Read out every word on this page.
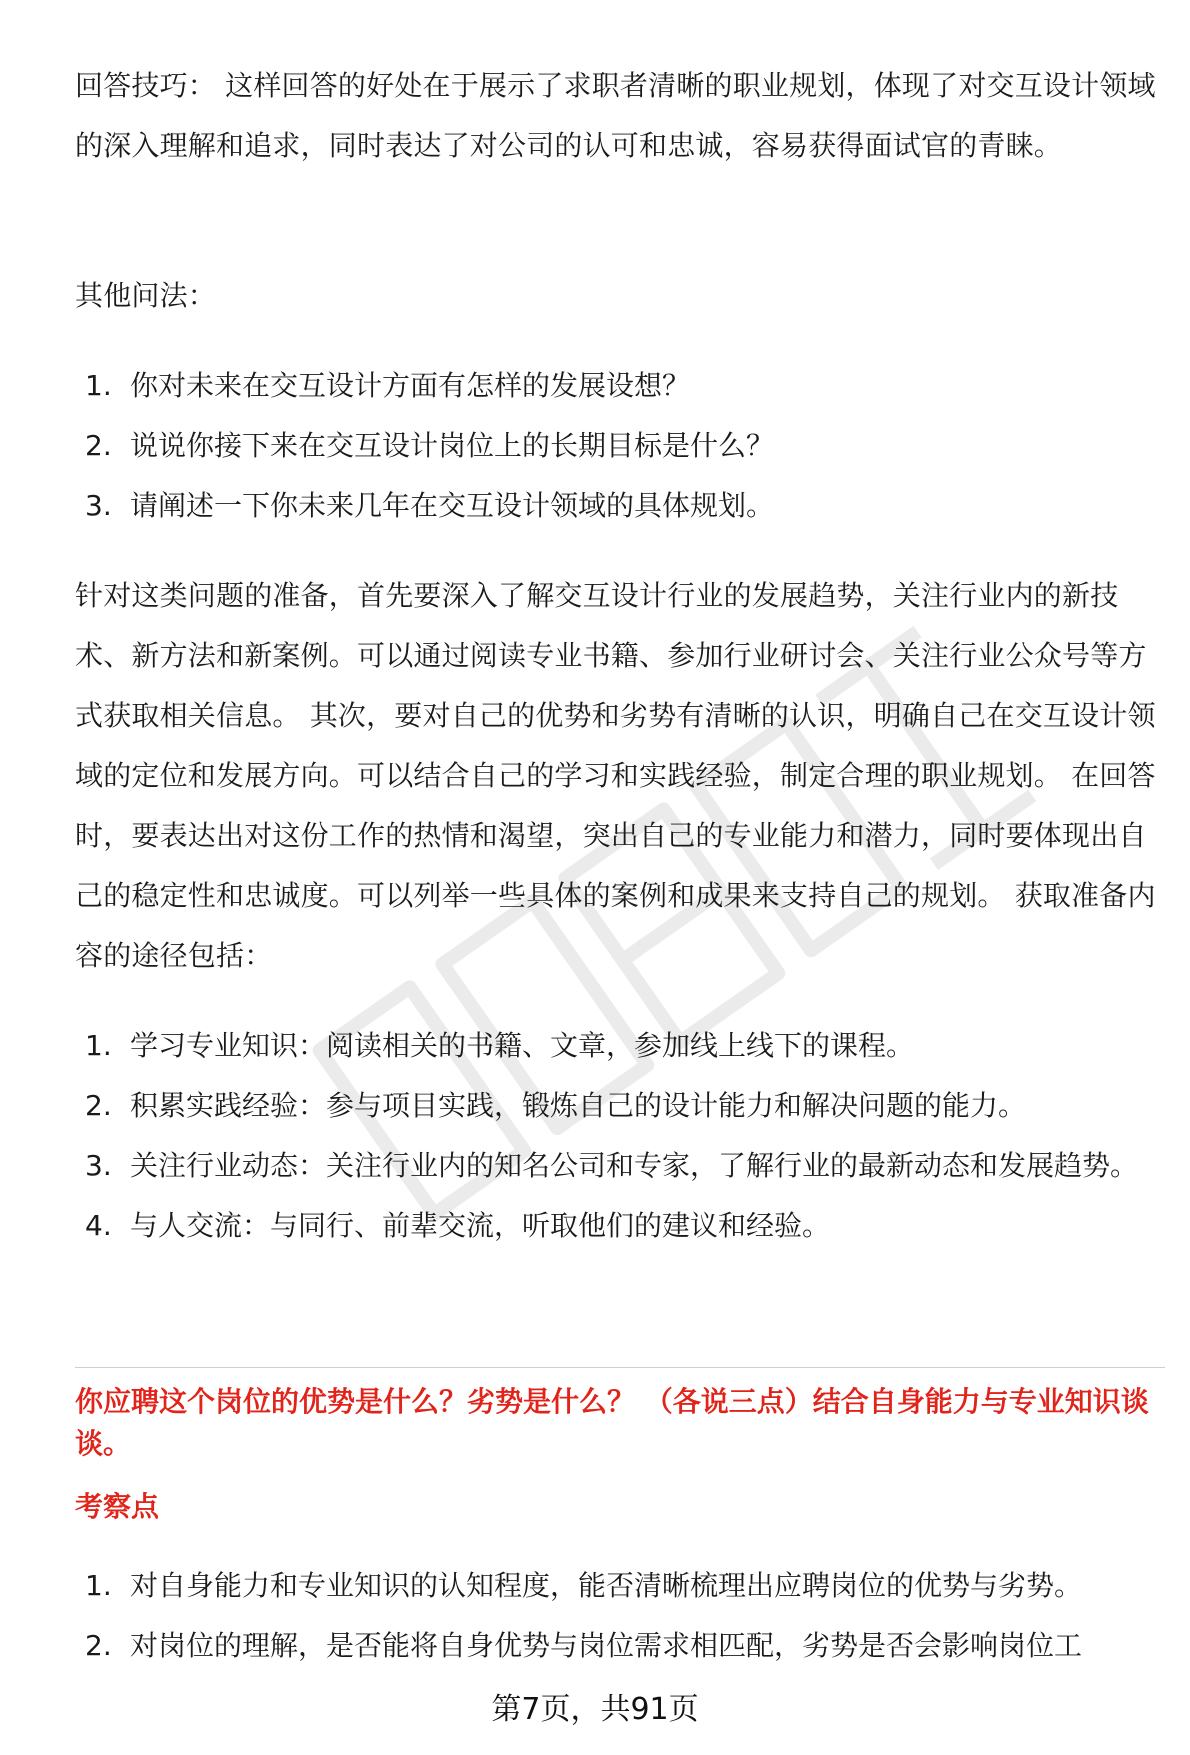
回答技巧： 这样回答的好处在于展示了求职者清晰的职业规划，体现了对交互设计领域的深入理解和追求，同时表达了对公司的认可和忠诚，容易获得面试官的青睐。

其他问法：

1. 你对未来在交互设计方面有怎样的发展设想？
2. 说说你接下来在交互设计岗位上的长期目标是什么？
3. 请阐述一下你未来几年在交互设计领域的具体规划。

针对这类问题的准备，首先要深入了解交互设计行业的发展趋势，关注行业内的新技术、新方法和新案例。可以通过阅读专业书籍、参加行业研讨会、关注行业公众号等方式获取相关信息。 其次，要对自己的优势和劣势有清晰的认识，明确自己在交互设计领域的定位和发展方向。可以结合自己的学习和实践经验，制定合理的职业规划。 在回答时，要表达出对这份工作的热情和渴望，突出自己的专业能力和潜力，同时要体现出自己的稳定性和忠诚度。可以列举一些具体的案例和成果来支持自己的规划。 获取准备内容的途径包括：

1. 学习专业知识：阅读相关的书籍、文章，参加线上线下的课程。
2. 积累实践经验：参与项目实践，锻炼自己的设计能力和解决问题的能力。
3. 关注行业动态：关注行业内的知名公司和专家，了解行业的最新动态和发展趋势。
4. 与人交流：与同行、前辈交流，听取他们的建议和经验。

你应聘这个岗位的优势是什么？劣势是什么？ （各说三点）结合自身能力与专业知识谈谈。

考察点

1. 对自身能力和专业知识的认知程度，能否清晰梳理出应聘岗位的优势与劣势。
2. 对岗位的理解，是否能将自身优势与岗位需求相匹配，劣势是否会影响岗位工
第7页，共91页
